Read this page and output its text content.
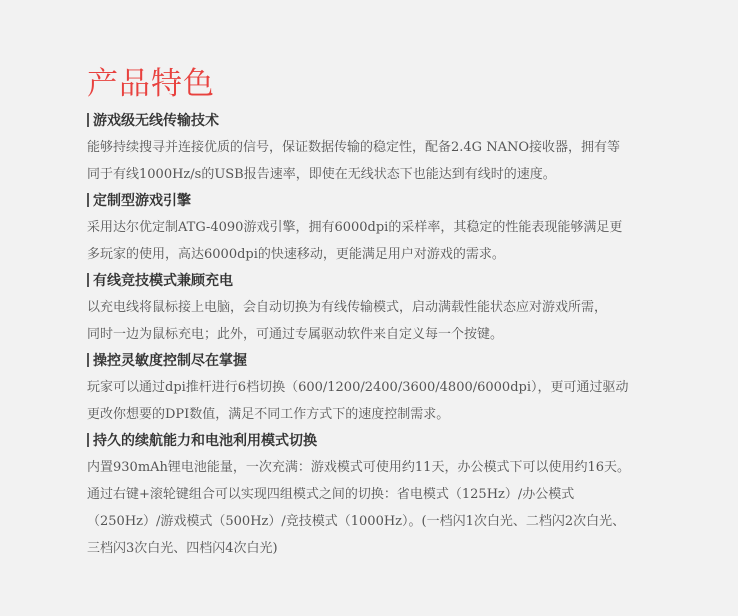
产品特色
游戏级无线传输技术
能够持续搜寻并连接优质的信号，保证数据传输的稳定性，配备2.4G NANO接收器，拥有等
同于有线1000Hz/s的USB报告速率，即使在无线状态下也能达到有线时的速度。
定制型游戏引擎
采用达尔优定制ATG-4090游戏引擎，拥有6000dpi的采样率，其稳定的性能表现能够满足更
多玩家的使用，高达6000dpi的快速移动，更能满足用户对游戏的需求。
有线竞技模式兼顾充电
以充电线将鼠标接上电脑，会自动切换为有线传输模式，启动满载性能状态应对游戏所需，
同时一边为鼠标充电；此外，可通过专属驱动软件来自定义每一个按键。
操控灵敏度控制尽在掌握
玩家可以通过dpi推杆进行6档切换（600/1200/2400/3600/4800/6000dpi），更可通过驱动
更改你想要的DPI数值，满足不同工作方式下的速度控制需求。
持久的续航能力和电池利用模式切换
内置930mAh锂电池能量，一次充满：游戏模式可使用约11天，办公模式下可以使用约16天。
通过右键+滚轮键组合可以实现四组模式之间的切换：省电模式（125Hz）/办公模式
（250Hz）/游戏模式（500Hz）/竞技模式（1000Hz）。(一档闪1次白光、二档闪2次白光、
三档闪3次白光、四档闪4次白光)
